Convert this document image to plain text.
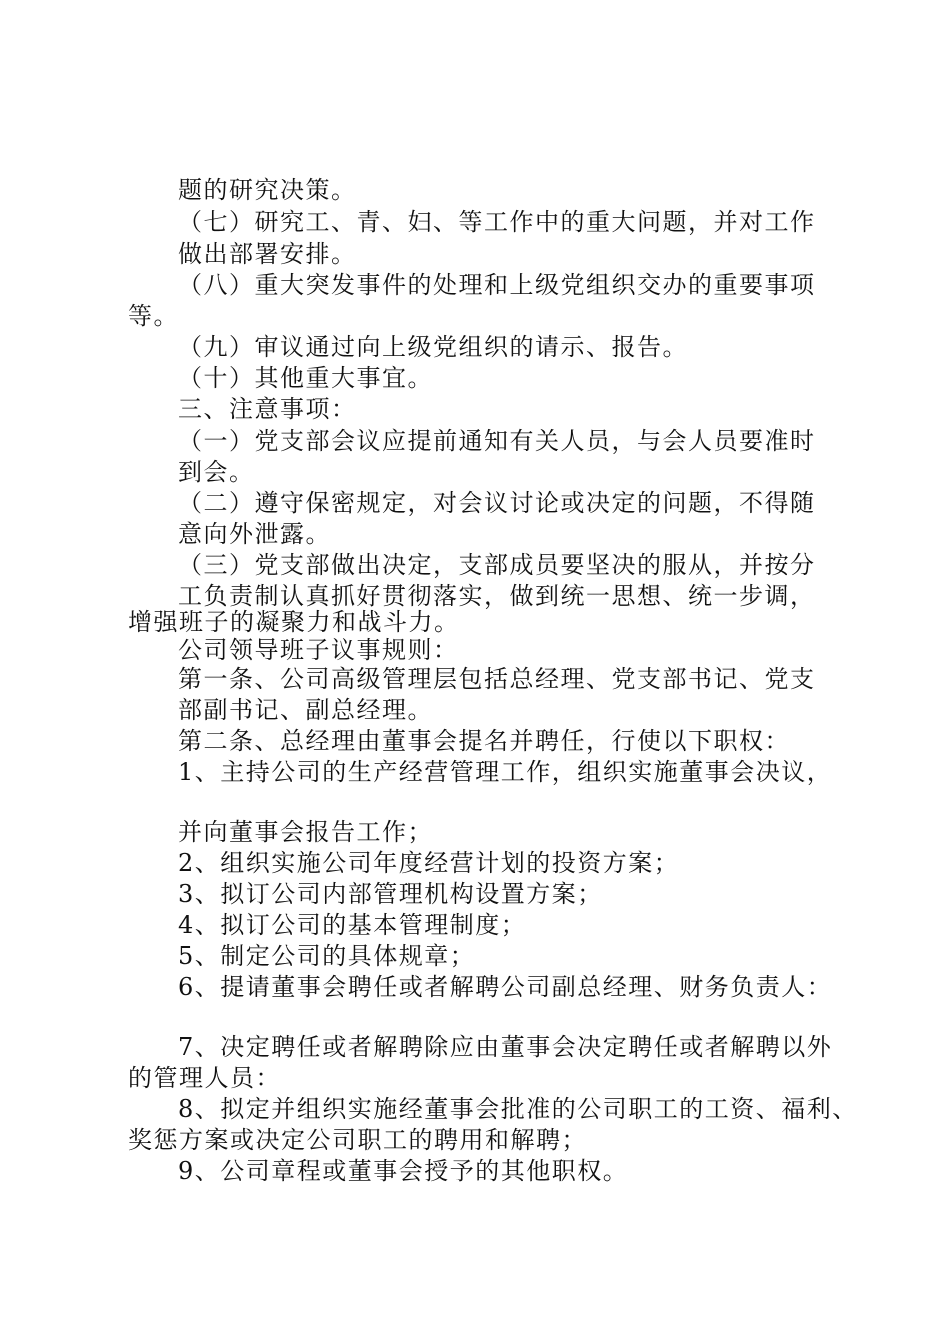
题的研究决策。

（七）研究工、青、妇、等工作中的重大问题，并对工作

做出部署安排。

（八）重大突发事件的处理和上级党组织交办的重要事项

等。

（九）审议通过向上级党组织的请示、报告。

（十）其他重大事宜。

三、注意事项：

（一）党支部会议应提前通知有关人员，与会人员要准时

到会。

（二）遵守保密规定，对会议讨论或决定的问题，不得随

意向外泄露。

（三）党支部做出决定，支部成员要坚决的服从，并按分

工负责制认真抓好贯彻落实，做到统一思想、统一步调，

增强班子的凝聚力和战斗力。

公司领导班子议事规则：

第一条、公司高级管理层包括总经理、党支部书记、党支

部副书记、副总经理。

第二条、总经理由董事会提名并聘任，行使以下职权：

1、主持公司的生产经营管理工作，组织实施董事会决议，

并向董事会报告工作；

2、组织实施公司年度经营计划的投资方案；

3、拟订公司内部管理机构设置方案；

4、拟订公司的基本管理制度；

5、制定公司的具体规章；

6、提请董事会聘任或者解聘公司副总经理、财务负责人：

7、决定聘任或者解聘除应由董事会决定聘任或者解聘以外

的管理人员：

8、拟定并组织实施经董事会批准的公司职工的工资、福利、

奖惩方案或决定公司职工的聘用和解聘；

9、公司章程或董事会授予的其他职权。
